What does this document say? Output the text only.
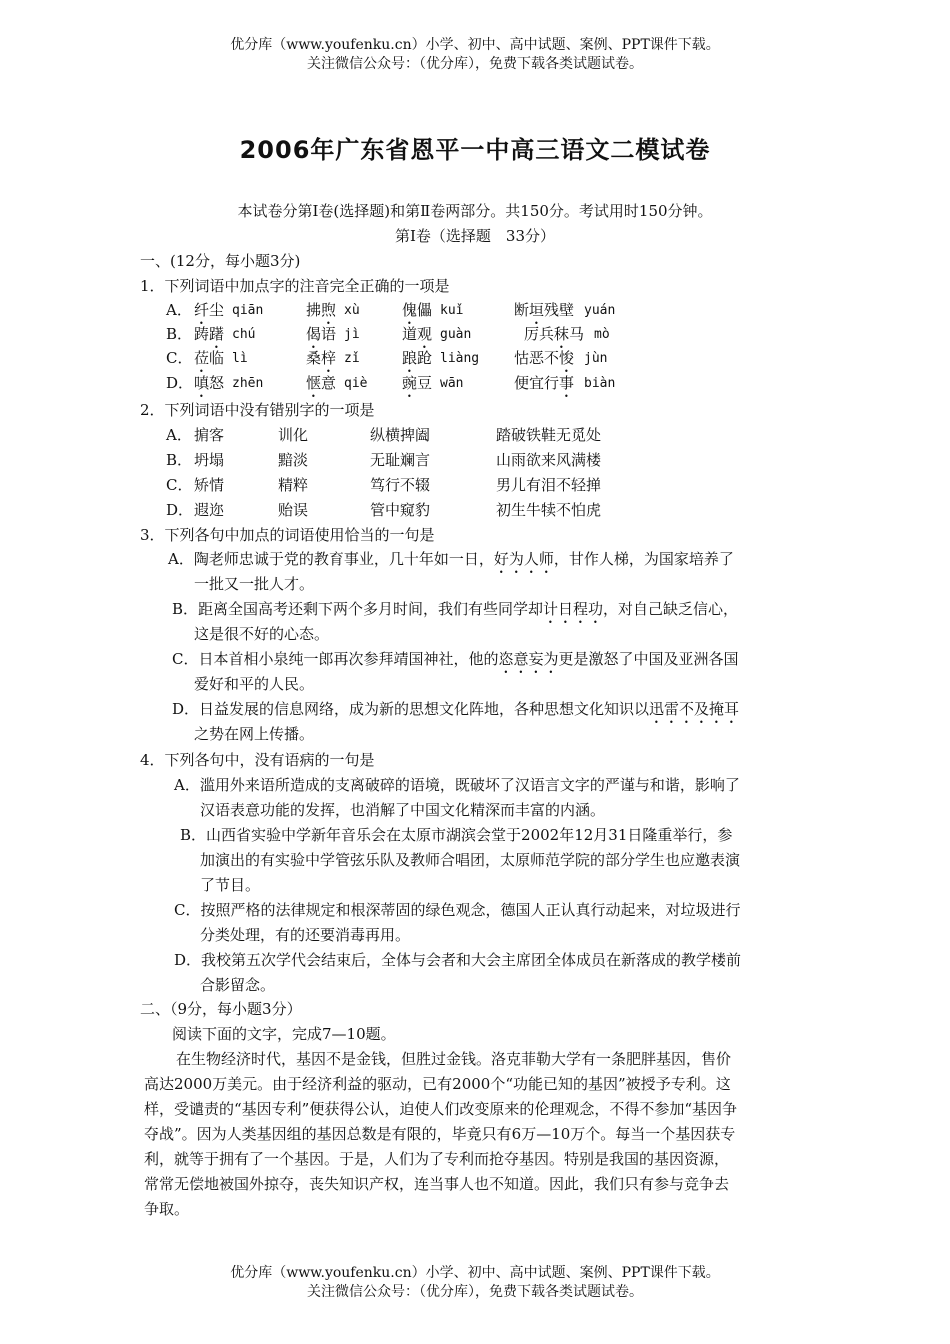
优分库（www.youfenku.cn）小学、初中、高中试题、案例、PPT课件下载。
关注微信公众号：（优分库），免费下载各类试题试卷。
2006年广东省恩平一中高三语文二模试卷
本试卷分第Ⅰ卷(选择题)和第Ⅱ卷两部分。共150分。考试用时150分钟。
第Ⅰ卷（选择题　33分）
一、(12分，每小题3分)
1．下列词语中加点字的注音完全正确的一项是
A． 纤尘 qiān	拂煦 xù	傀儡 kuǐ	断垣残壁 yuán
B． 踌躇 chú	偈语 jì	道观 guàn	厉兵秣马 mò
C． 莅临 lì	桑梓 zǐ	踉跄 liàng 怙恶不悛 jùn
D． 嗔怒 zhēn	惬意 qiè 豌豆 wān	便宜行事 biàn
2．下列词语中没有错别字的一项是
A． 掮客	训化	纵横捭阖	踏破铁鞋无觅处
B． 坍塌	黯淡	无耻斓言	山雨欲来风满楼
C． 矫情	精粹	笃行不辍	男儿有泪不轻掸
D． 遐迩	贻误	管中窥豹	初生牛犊不怕虎
3．下列各句中加点的词语使用恰当的一句是
A．陶老师忠诚于党的教育事业，几十年如一日，好为人师，甘作人梯，为国家培养了
一批又一批人才。
B．距离全国高考还剩下两个多月时间，我们有些同学却计日程功，对自己缺乏信心，
这是很不好的心态。
C．日本首相小泉纯一郎再次参拜靖国神社，他的恣意妄为更是激怒了中国及亚洲各国
爱好和平的人民。
D．日益发展的信息网络，成为新的思想文化阵地，各种思想文化知识以迅雷不及掩耳
之势在网上传播。
4．下列各句中，没有语病的一句是
A．滥用外来语所造成的支离破碎的语境，既破坏了汉语言文字的严谨与和谐，影响了
汉语表意功能的发挥，也消解了中国文化精深而丰富的内涵。
B．山西省实验中学新年音乐会在太原市湖滨会堂于2002年12月31日隆重举行，参
加演出的有实验中学管弦乐队及教师合唱团，太原师范学院的部分学生也应邀表演
了节目。
C．按照严格的法律规定和根深蒂固的绿色观念，德国人正认真行动起来，对垃圾进行
分类处理，有的还要消毒再用。
D．我校第五次学代会结束后，全体与会者和大会主席团全体成员在新落成的教学楼前
合影留念。
二、（9分，每小题3分）
阅读下面的文字，完成7—10题。
在生物经济时代，基因不是金钱，但胜过金钱。洛克菲勒大学有一条肥胖基因，售价
高达2000万美元。由于经济利益的驱动，已有2000个“功能已知的基因”被授予专利。这
样，受谴责的“基因专利”便获得公认，迫使人们改变原来的伦理观念，不得不参加“基因争
夺战”。因为人类基因组的基因总数是有限的，毕竟只有6万—10万个。每当一个基因获专
利，就等于拥有了一个基因。于是，人们为了专利而抢夺基因。特别是我国的基因资源，
常常无偿地被国外掠夺，丧失知识产权，连当事人也不知道。因此，我们只有参与竞争去
争取。
优分库（www.youfenku.cn）小学、初中、高中试题、案例、PPT课件下载。
关注微信公众号：（优分库），免费下载各类试题试卷。
